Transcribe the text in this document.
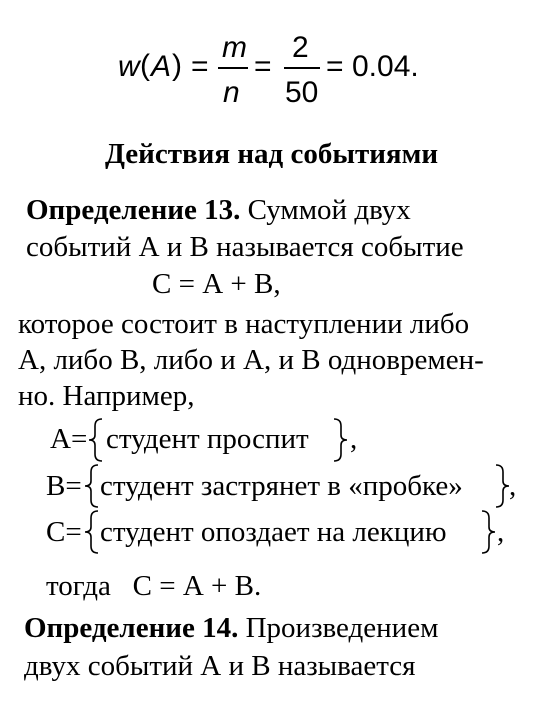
w ( A ) =
m
n
=
2
50
= 0.04.
Действия над событиями
Определение 13. Суммой двух
событий А и В называется событие
С = А + В,
которое состоит в наступлении либо
А, либо В, либо и А, и В одновремен-
но. Например,
А= студент проспит ,
В= студент застрянет в «пробке» ,
С= студент опоздает на лекцию ,
тогда   С = А + В.
Определение 14. Произведением
двух событий А и В называется
